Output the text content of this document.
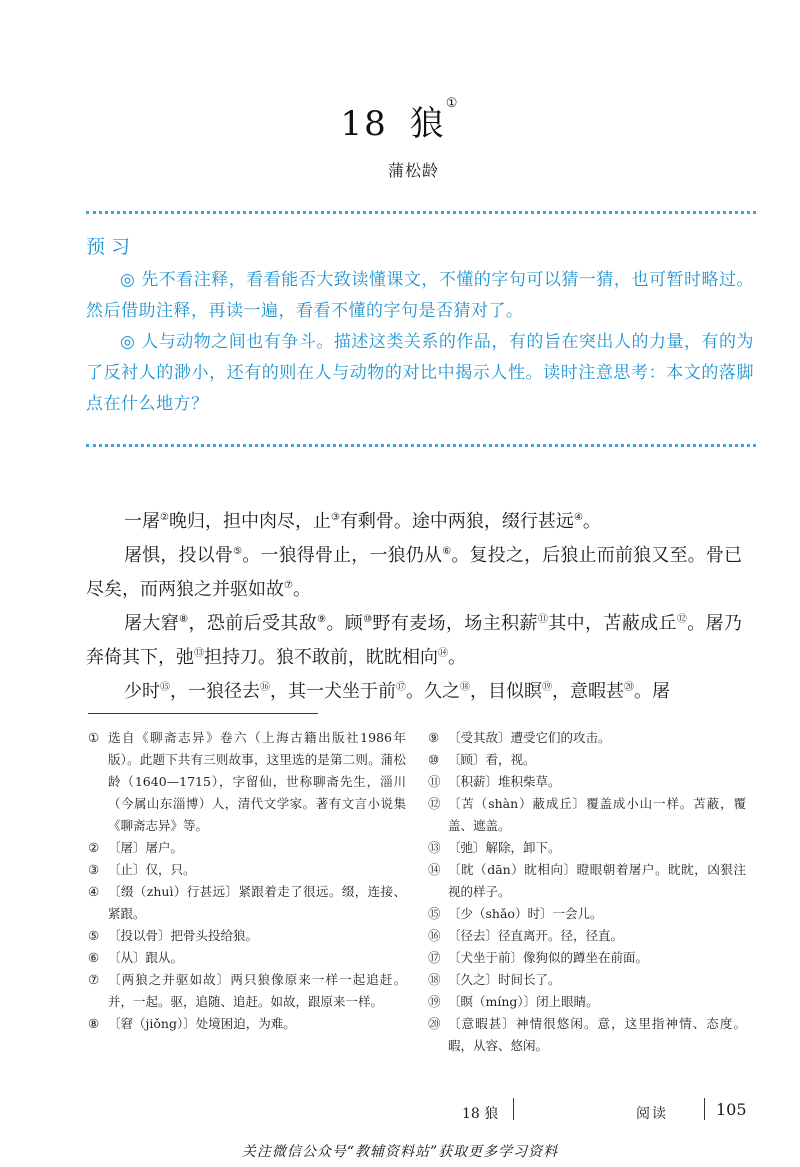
18 狼①
蒲松龄
预习

◎ 先不看注释，看看能否大致读懂课文，不懂的字句可以猜一猜，也可暂时略过。然后借助注释，再读一遍，看看不懂的字句是否猜对了。

◎ 人与动物之间也有争斗。描述这类关系的作品，有的旨在突出人的力量，有的为了反衬人的渺小，还有的则在人与动物的对比中揭示人性。读时注意思考：本文的落脚点在什么地方？

一屠②晚归，担中肉尽，止③有剩骨。途中两狼，缀行甚远④。

屠惧，投以骨⑤。一狼得骨止，一狼仍从⑥。复投之，后狼止而前狼又至。骨已尽矣，而两狼之并驱如故⑦。

屠大窘⑧，恐前后受其敌⑨。顾⑩野有麦场，场主积薪⑪其中，苫蔽成丘⑫。屠乃奔倚其下，弛⑬担持刀。狼不敢前，眈眈相向⑭。

少时⑮，一狼径去⑯，其一犬坐于前⑰。久之⑱，目似瞑⑲，意暇甚⑳。屠

① 选自《聊斋志异》卷六（上海古籍出版社1986年版）。此题下共有三则故事，这里选的是第二则。蒲松龄（1640—1715），字留仙，世称聊斋先生，淄川（今属山东淄博）人，清代文学家。著有文言小说集《聊斋志异》等。
② 〔屠〕屠户。
③ 〔止〕仅，只。
④ 〔缀（zhuì）行甚远〕紧跟着走了很远。缀，连接、紧跟。
⑤ 〔投以骨〕把骨头投给狼。
⑥ 〔从〕跟从。
⑦ 〔两狼之并驱如故〕两只狼像原来一样一起追赶。并，一起。驱，追随、追赶。如故，跟原来一样。
⑧ 〔窘（jiǒng）〕处境困迫，为难。
⑨ 〔受其敌〕遭受它们的攻击。
⑩ 〔顾〕看，视。
⑪ 〔积薪〕堆积柴草。
⑫ 〔苫（shàn）蔽成丘〕覆盖成小山一样。苫蔽，覆盖、遮盖。
⑬ 〔弛〕解除，卸下。
⑭ 〔眈（dān）眈相向〕瞪眼朝着屠户。眈眈，凶狠注视的样子。
⑮ 〔少（shǎo）时〕一会儿。
⑯ 〔径去〕径直离开。径，径直。
⑰ 〔犬坐于前〕像狗似的蹲坐在前面。
⑱ 〔久之〕时间长了。
⑲ 〔瞑（míng）〕闭上眼睛。
⑳ 〔意暇甚〕神情很悠闲。意，这里指神情、态度。暇，从容、悠闲。
18 狼	阅读	105
关注微信公众号“教辅资料站”获取更多学习资料
